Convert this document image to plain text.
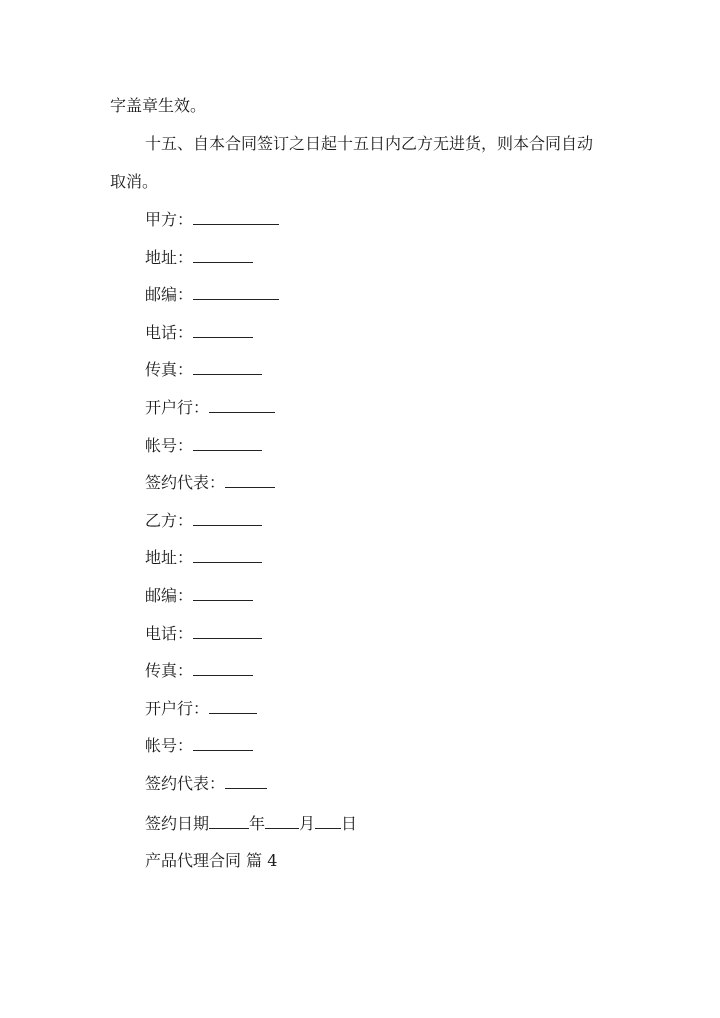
字盖章生效。
十五、自本合同签订之日起十五日内乙方无进货，则本合同自动
取消。
甲方：
地址：
邮编：
电话：
传真：
开户行：
帐号：
签约代表：
乙方：
地址：
邮编：
电话：
传真：
开户行：
帐号：
签约代表：
签约日期	年 月 日
产品代理合同 篇 4
